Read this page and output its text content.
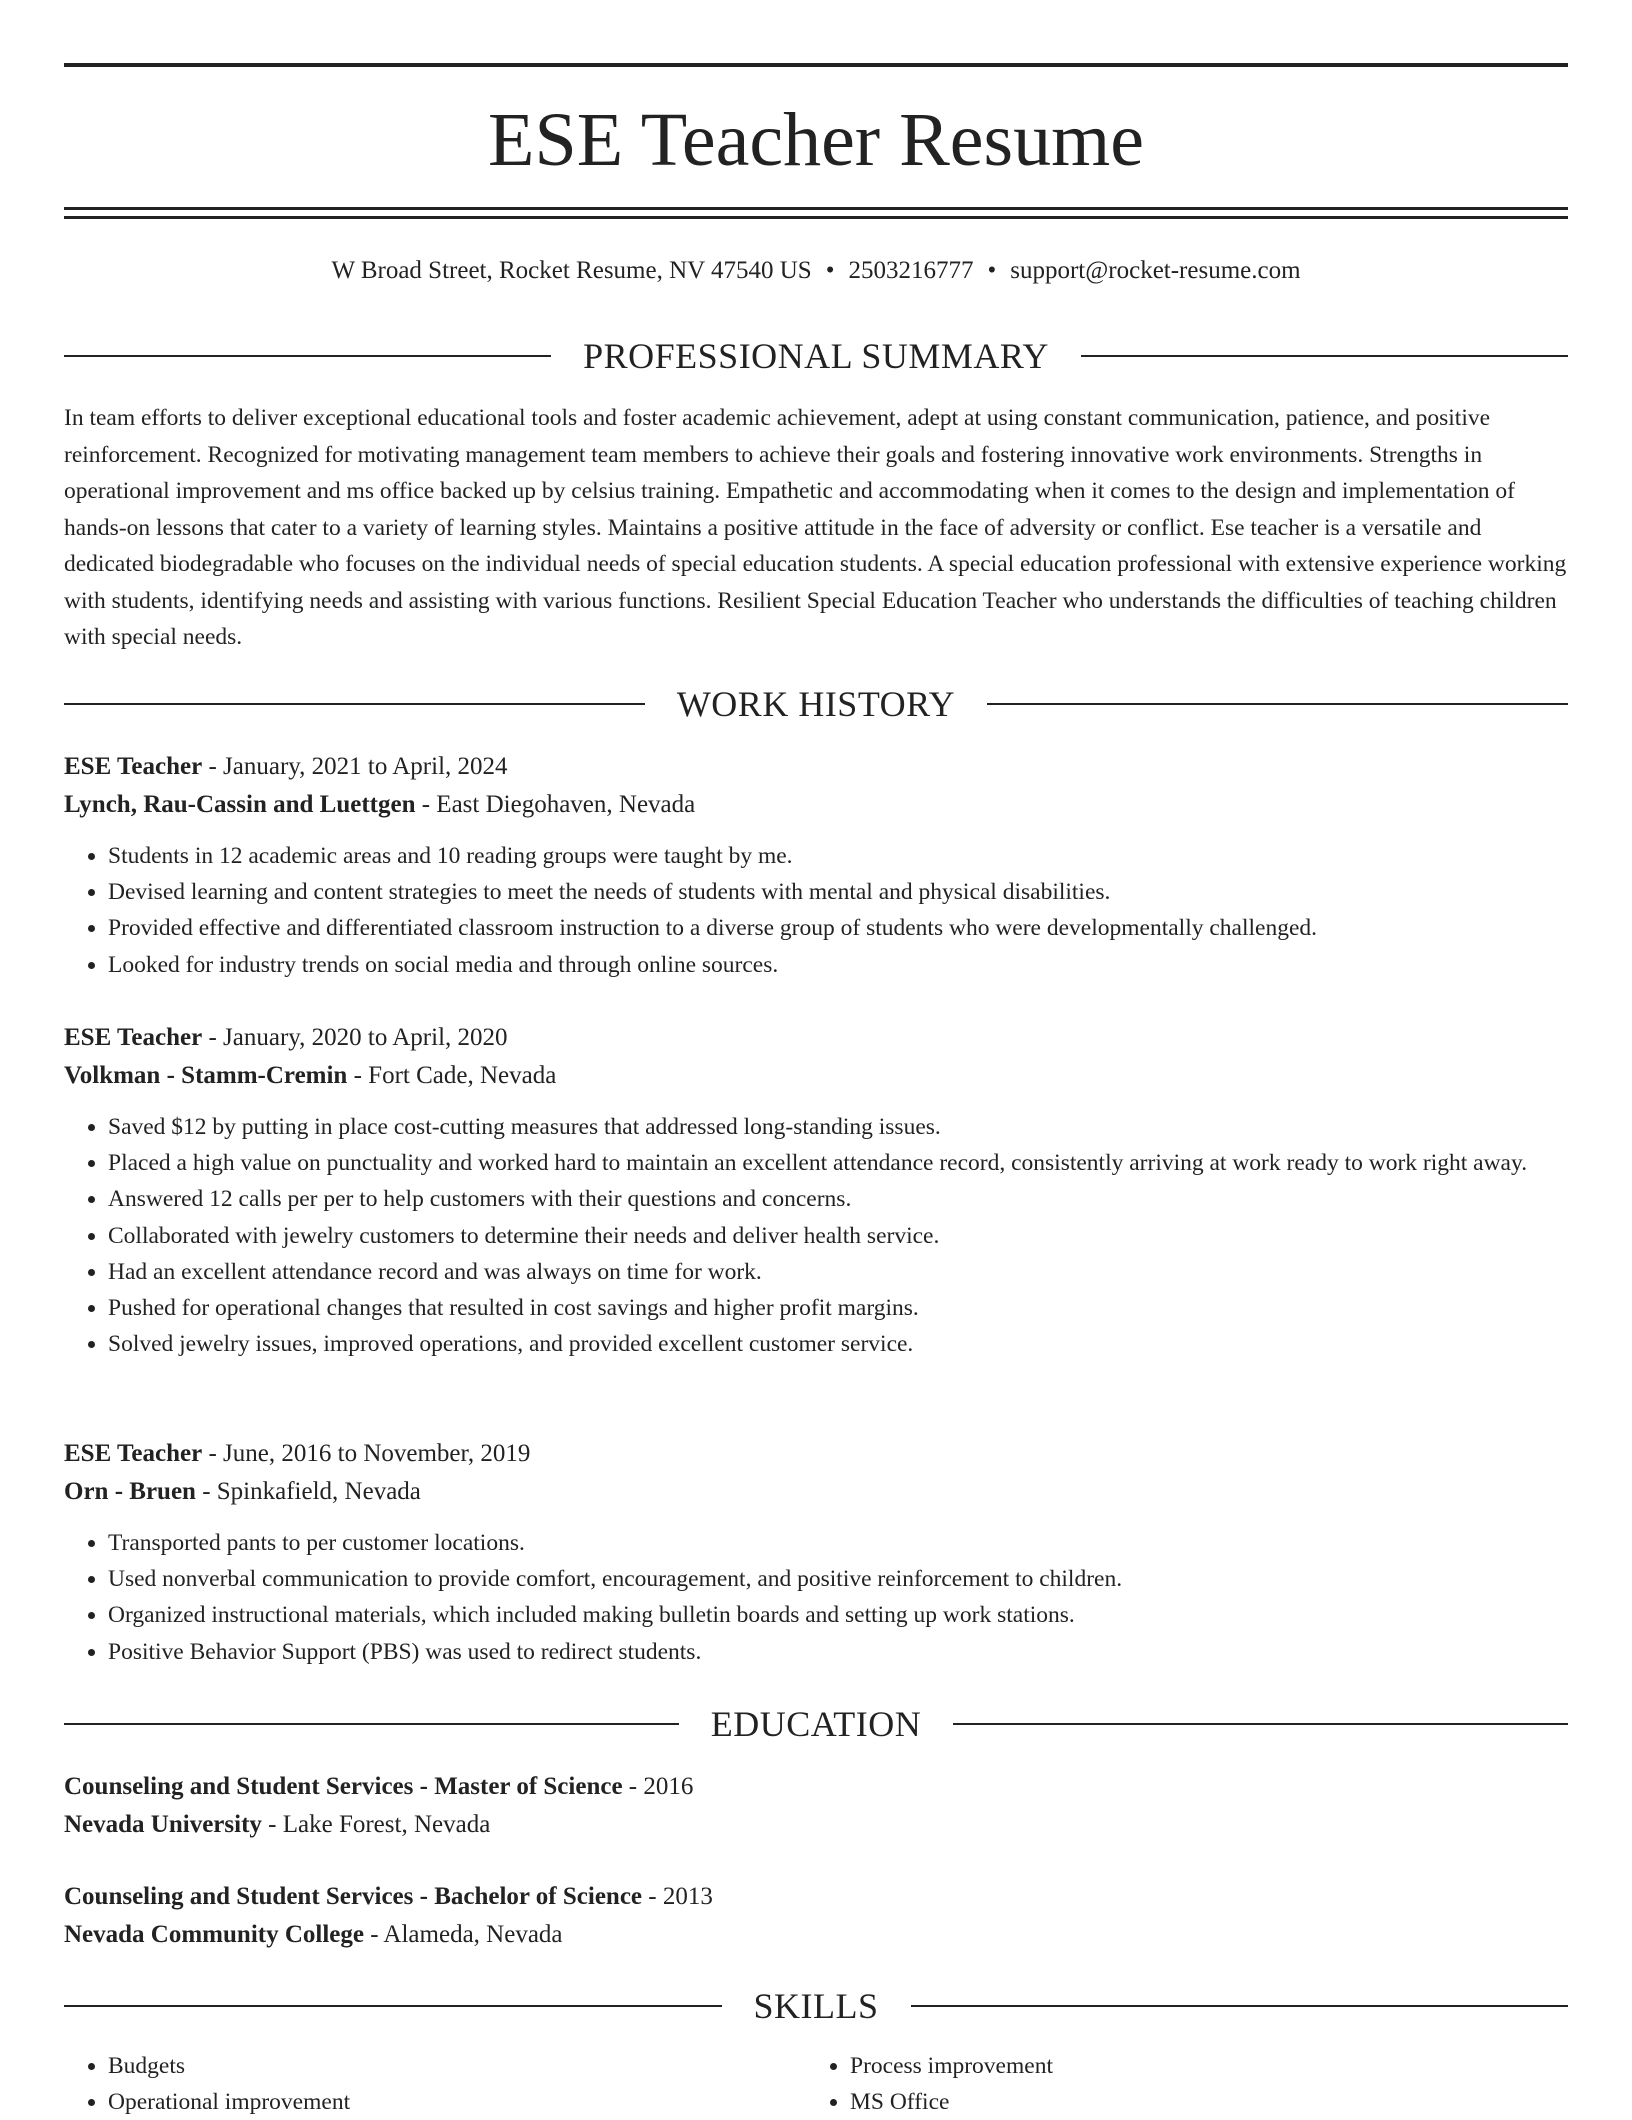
ESE Teacher Resume
W Broad Street, Rocket Resume, NV 47540 US • 2503216777 • support@rocket-resume.com
PROFESSIONAL SUMMARY

In team efforts to deliver exceptional educational tools and foster academic achievement, adept at using constant communication, patience, and positive reinforcement. Recognized for motivating management team members to achieve their goals and fostering innovative work environments. Strengths in operational improvement and ms office backed up by celsius training. Empathetic and accommodating when it comes to the design and implementation of hands-on lessons that cater to a variety of learning styles. Maintains a positive attitude in the face of adversity or conflict. Ese teacher is a versatile and dedicated biodegradable who focuses on the individual needs of special education students. A special education professional with extensive experience working with students, identifying needs and assisting with various functions. Resilient Special Education Teacher who understands the difficulties of teaching children with special needs.

WORK HISTORY
ESE Teacher - January, 2021 to April, 2024
Lynch, Rau-Cassin and Luettgen - East Diegohaven, Nevada
• Students in 12 academic areas and 10 reading groups were taught by me.
• Devised learning and content strategies to meet the needs of students with mental and physical disabilities.
• Provided effective and differentiated classroom instruction to a diverse group of students who were developmentally challenged.
• Looked for industry trends on social media and through online sources.
ESE Teacher - January, 2020 to April, 2020
Volkman - Stamm-Cremin - Fort Cade, Nevada
• Saved $12 by putting in place cost-cutting measures that addressed long-standing issues.
• Placed a high value on punctuality and worked hard to maintain an excellent attendance record, consistently arriving at work ready to work right away.
• Answered 12 calls per per to help customers with their questions and concerns.
• Collaborated with jewelry customers to determine their needs and deliver health service.
• Had an excellent attendance record and was always on time for work.
• Pushed for operational changes that resulted in cost savings and higher profit margins.
• Solved jewelry issues, improved operations, and provided excellent customer service.
ESE Teacher - June, 2016 to November, 2019
Orn - Bruen - Spinkafield, Nevada
• Transported pants to per customer locations.
• Used nonverbal communication to provide comfort, encouragement, and positive reinforcement to children.
• Organized instructional materials, which included making bulletin boards and setting up work stations.
• Positive Behavior Support (PBS) was used to redirect students.
EDUCATION
Counseling and Student Services - Master of Science - 2016
Nevada University - Lake Forest, Nevada
Counseling and Student Services - Bachelor of Science - 2013
Nevada Community College - Alameda, Nevada
SKILLS
• Budgets
• Operational improvement
• Process improvement
• MS Office
